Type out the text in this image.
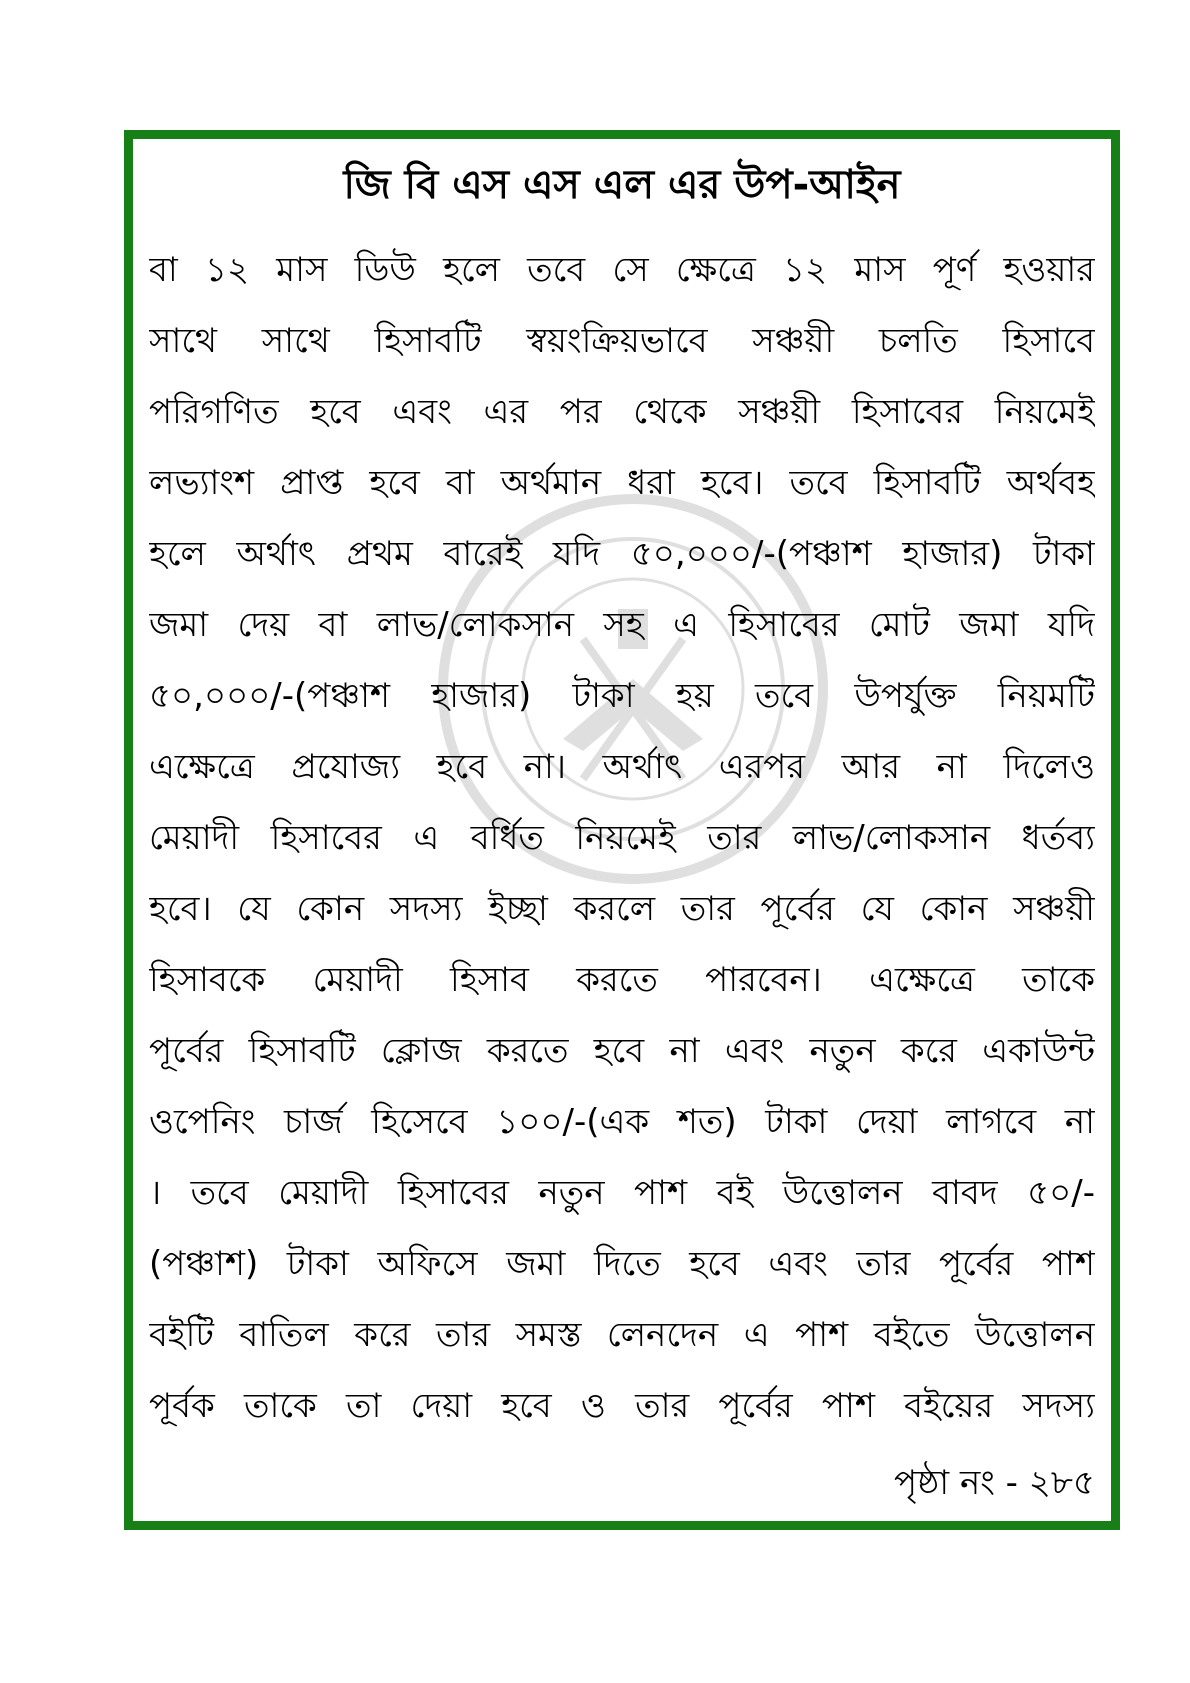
জি বি এস এস এল এর উপ-আইন
বা ১২ মাস ডিউ হলে তবে সে ক্ষেত্রে ১২ মাস পূর্ণ হওয়ার
সাথে সাথে হিসাবটি স্বয়ংক্রিয়ভাবে সঞ্চয়ী চলতি হিসাবে
পরিগণিত হবে এবং এর পর থেকে সঞ্চয়ী হিসাবের নিয়মেই
লভ্যাংশ প্রাপ্ত হবে বা অর্থমান ধরা হবে। তবে হিসাবটি অর্থবহ
হলে অর্থাৎ প্রথম বারেই যদি ৫০,০০০/-(পঞ্চাশ হাজার) টাকা
জমা দেয় বা লাভ/লোকসান সহ এ হিসাবের মোট জমা যদি
৫০,০০০/-(পঞ্চাশ হাজার) টাকা হয় তবে উপর্যুক্ত নিয়মটি
এক্ষেত্রে প্রযোজ্য হবে না। অর্থাৎ এরপর আর না দিলেও
মেয়াদী হিসাবের এ বর্ধিত নিয়মেই তার লাভ/লোকসান ধর্তব্য
হবে। যে কোন সদস্য ইচ্ছা করলে তার পূর্বের যে কোন সঞ্চয়ী
হিসাবকে মেয়াদী হিসাব করতে পারবেন। এক্ষেত্রে তাকে
পূর্বের হিসাবটি ক্লোজ করতে হবে না এবং নতুন করে একাউন্ট
ওপেনিং চার্জ হিসেবে ১০০/-(এক শত) টাকা দেয়া লাগবে না
। তবে মেয়াদী হিসাবের নতুন পাশ বই উত্তোলন বাবদ ৫০/-
(পঞ্চাশ) টাকা অফিসে জমা দিতে হবে এবং তার পূর্বের পাশ
বইটি বাতিল করে তার সমস্ত লেনদেন এ পাশ বইতে উত্তোলন
পূর্বক তাকে তা দেয়া হবে ও তার পূর্বের পাশ বইয়ের সদস্য

পৃষ্ঠা নং - ২৮৫
